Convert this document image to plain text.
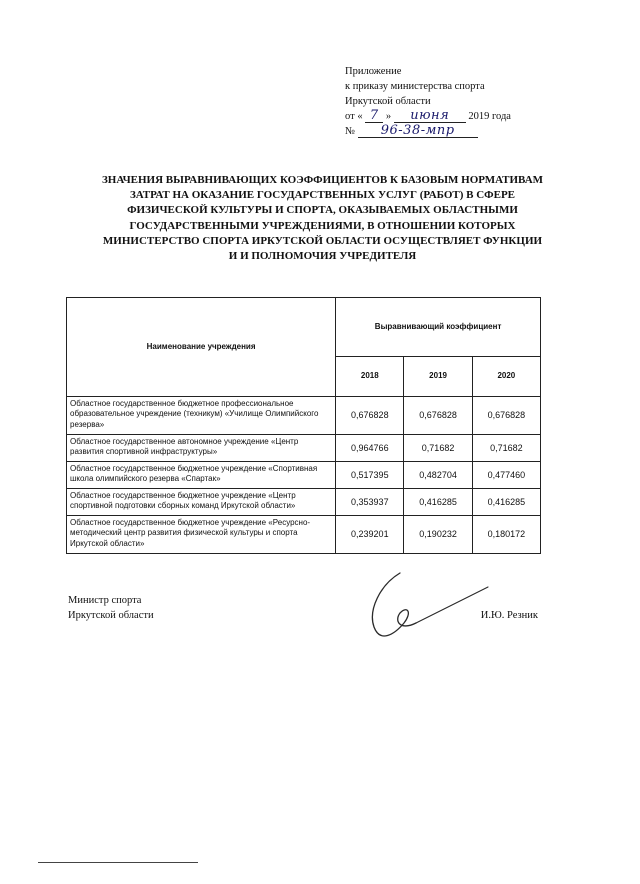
Приложение
к приказу министерства спорта
Иркутской области
от « 7 » июня 2019 года
№ 96-38-мпр
ЗНАЧЕНИЯ ВЫРАВНИВАЮЩИХ КОЭФФИЦИЕНТОВ К БАЗОВЫМ НОРМАТИВАМ
ЗАТРАТ НА ОКАЗАНИЕ ГОСУДАРСТВЕННЫХ УСЛУГ (РАБОТ) В СФЕРЕ
ФИЗИЧЕСКОЙ КУЛЬТУРЫ И СПОРТА, ОКАЗЫВАЕМЫХ ОБЛАСТНЫМИ
ГОСУДАРСТВЕННЫМИ УЧРЕЖДЕНИЯМИ, В ОТНОШЕНИИ КОТОРЫХ
МИНИСТЕРСТВО СПОРТА ИРКУТСКОЙ ОБЛАСТИ ОСУЩЕСТВЛЯЕТ ФУНКЦИИ
И И ПОЛНОМОЧИЯ УЧРЕДИТЕЛЯ
Наименование учреждения	Выравнивающий коэффициент		
	2018	2019	2020
Областное государственное бюджетное профессиональное образовательное учреждение (техникум) «Училище Олимпийского резерва»	0,676828	0,676828	0,676828
Областное государственное автономное учреждение «Центр развития спортивной инфраструктуры»	0,964766	0,71682	0,71682
Областное государственное бюджетное учреждение «Спортивная школа олимпийского резерва «Спартак»	0,517395	0,482704	0,477460
Областное государственное бюджетное учреждение «Центр спортивной подготовки сборных команд Иркутской области»	0,353937	0,416285	0,416285
Областное государственное бюджетное учреждение «Ресурсно-методический центр развития физической культуры и спорта Иркутской области»	0,239201	0,190232	0,180172
Министр спорта
Иркутской области	И.Ю. Резник
